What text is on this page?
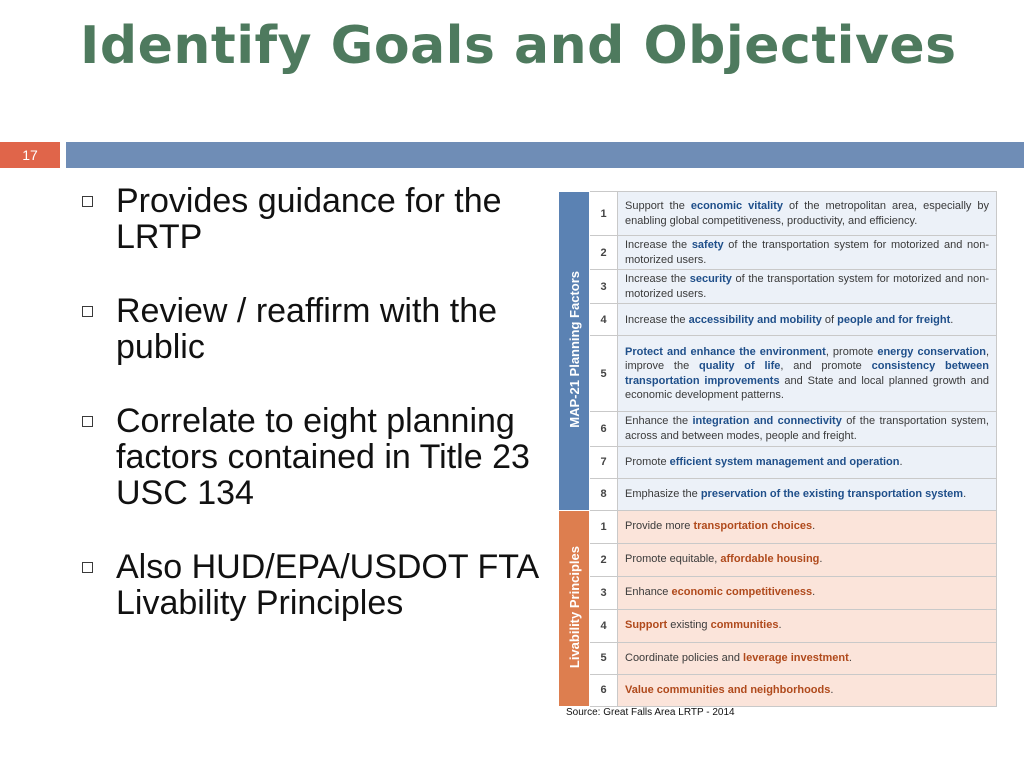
Identify Goals and Objectives
17
Provides guidance for the LRTP
Review / reaffirm with the public
Correlate to eight planning factors contained in Title 23 USC 134
Also HUD/EPA/USDOT FTA Livability Principles
MAP-21 Planning Factors	1	Support the economic vitality of the metropolitan area, especially by enabling global competitiveness, productivity, and efficiency.
	2	Increase the safety of the transportation system for motorized and non-motorized users.
	3	Increase the security of the transportation system for motorized and non-motorized users.
	4	Increase the accessibility and mobility of people and for freight.
	5	Protect and enhance the environment, promote energy conservation, improve the quality of life, and promote consistency between transportation improvements and State and local planned growth and economic development patterns.
	6	Enhance the integration and connectivity of the transportation system, across and between modes, people and freight.
	7	Promote efficient system management and operation.
	8	Emphasize the preservation of the existing transportation system.
Livability Principles	1	Provide more transportation choices.
	2	Promote equitable, affordable housing.
	3	Enhance economic competitiveness.
	4	Support existing communities.
	5	Coordinate policies and leverage investment.
	6	Value communities and neighborhoods.
Source: Great Falls Area LRTP - 2014
